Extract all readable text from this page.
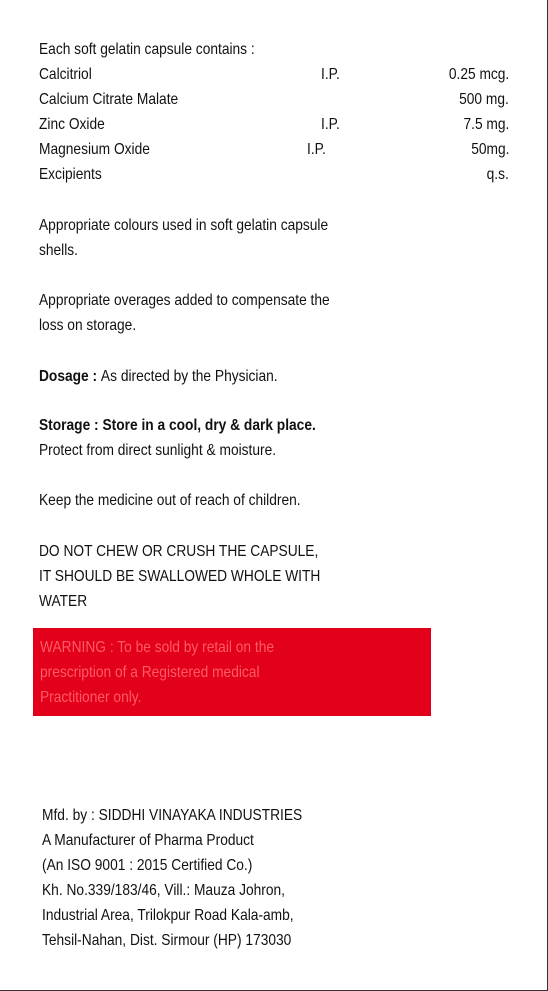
Each soft gelatin capsule contains :
Calcitriol	I.P.	0.25 mcg.
Calcium Citrate Malate	500 mg.
Zinc Oxide	I.P.	7.5 mg.
Magnesium Oxide	I.P.	50mg.
Excipients	q.s.
Appropriate colours used in soft gelatin capsule
shells.
Appropriate overages added to compensate the
loss on storage.
Dosage : As directed by the Physician.
Storage : Store in a cool, dry & dark place.
Protect from direct sunlight & moisture.
Keep the medicine out of reach of children.
DO NOT CHEW OR CRUSH THE CAPSULE,
IT SHOULD BE SWALLOWED WHOLE WITH
WATER
WARNING : To be sold by retail on the
prescription of a Registered medical
Practitioner only.
Mfd. by : SIDDHI VINAYAKA INDUSTRIES
A Manufacturer of Pharma Product
(An ISO 9001 : 2015 Certified Co.)
Kh. No.339/183/46, Vill.: Mauza Johron,
Industrial Area, Trilokpur Road Kala-amb,
Tehsil-Nahan, Dist. Sirmour (HP) 173030
